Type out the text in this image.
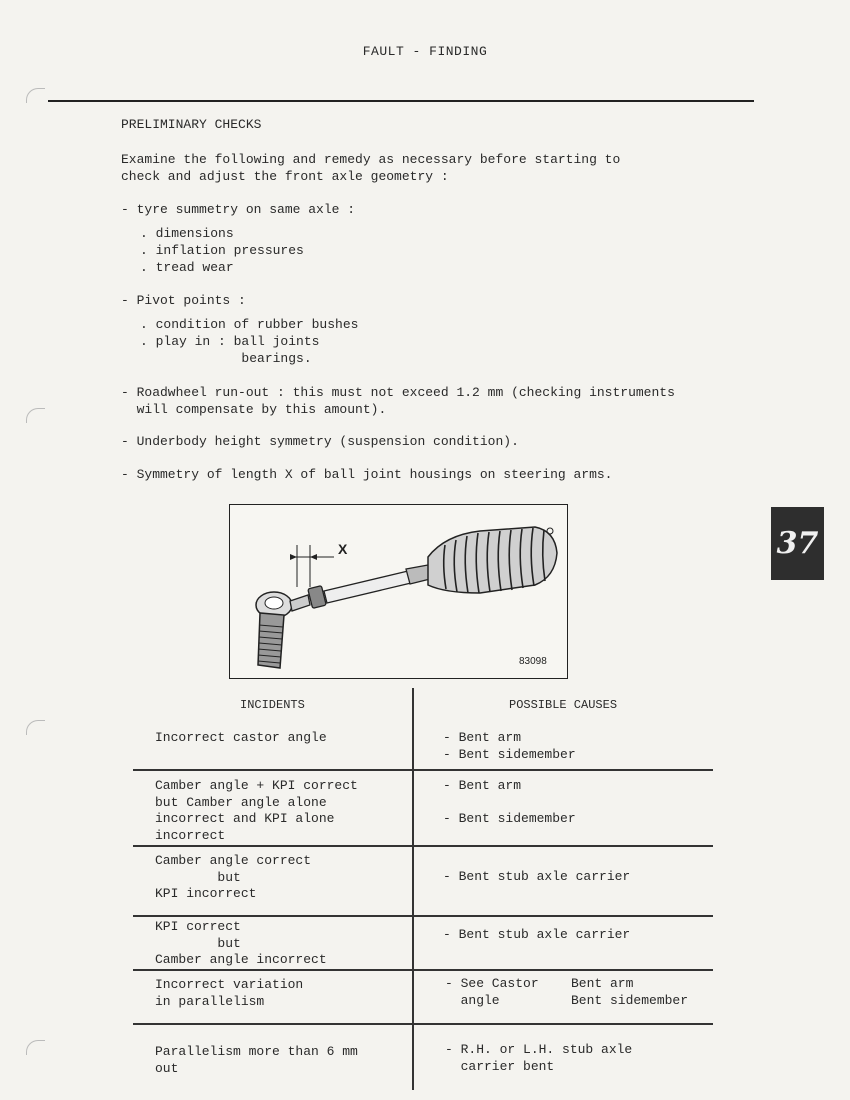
FAULT - FINDING
PRELIMINARY CHECKS
Examine the following and remedy as necessary before starting to
check and adjust the front axle geometry :
- tyre summetry on same axle :
. dimensions
. inflation pressures
. tread wear
- Pivot points :
. condition of rubber bushes
. play in : ball joints
bearings.
- Roadwheel run-out : this must not exceed 1.2 mm (checking instruments
will compensate by this amount).
- Underbody height symmetry (suspension condition).
- Symmetry of length X of ball joint housings on steering arms.
37
X
83098
INCIDENTS	POSSIBLE CAUSES
Incorrect castor angle	- Bent arm
- Bent sidemember
Camber angle + KPI correct
but Camber angle alone
incorrect and KPI alone
incorrect
- Bent arm
- Bent sidemember
Camber angle correct
but
KPI incorrect
- Bent stub axle carrier
KPI correct
but
Camber angle incorrect
- Bent stub axle carrier
Incorrect variation
in parallelism
- See Castor
angle
Bent arm
Bent sidemember
Parallelism more than 6 mm
out
- R.H. or L.H. stub axle
carrier bent
